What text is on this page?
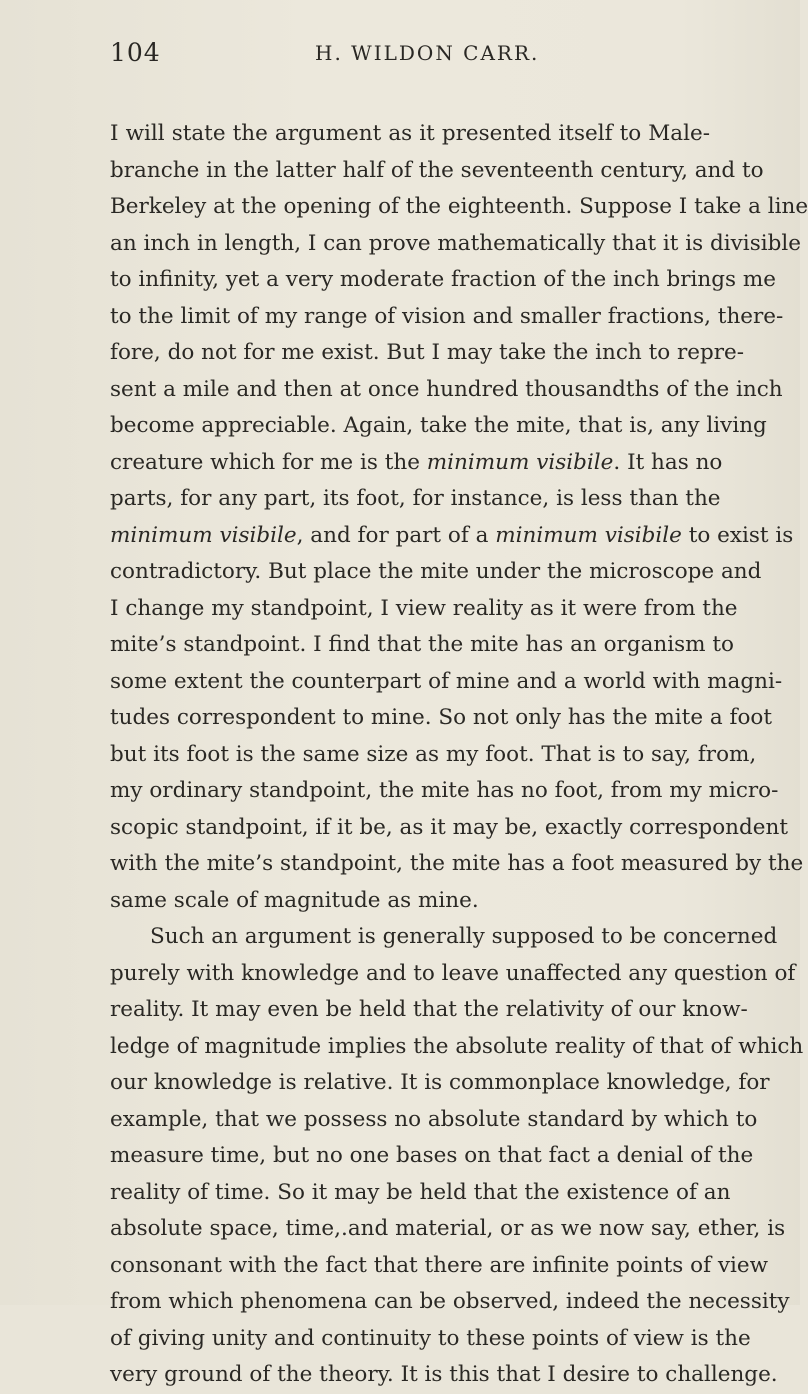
104	H. WILDON CARR.
I will state the argument as it presented itself to Male-
branche in the latter half of the seventeenth century, and to
Berkeley at the opening of the eighteenth. Suppose I take a line
an inch in length, I can prove mathematically that it is divisible
to infinity, yet a very moderate fraction of the inch brings me
to the limit of my range of vision and smaller fractions, there-
fore, do not for me exist. But I may take the inch to repre-
sent a mile and then at once hundred thousandths of the inch
become appreciable. Again, take the mite, that is, any living
creature which for me is the minimum visibile. It has no
parts, for any part, its foot, for instance, is less than the
minimum visibile, and for part of a minimum visibile to exist is
contradictory. But place the mite under the microscope and
I change my standpoint, I view reality as it were from the
mite’s standpoint. I find that the mite has an organism to
some extent the counterpart of mine and a world with magni-
tudes correspondent to mine. So not only has the mite a foot
but its foot is the same size as my foot. That is to say, from,
my ordinary standpoint, the mite has no foot, from my micro-
scopic standpoint, if it be, as it may be, exactly correspondent
with the mite’s standpoint, the mite has a foot measured by the
same scale of magnitude as mine.
Such an argument is generally supposed to be concerned
purely with knowledge and to leave unaffected any question of
reality. It may even be held that the relativity of our know-
ledge of magnitude implies the absolute reality of that of which
our knowledge is relative. It is commonplace knowledge, for
example, that we possess no absolute standard by which to
measure time, but no one bases on that fact a denial of the
reality of time. So it may be held that the existence of an
absolute space, time,.and material, or as we now say, ether, is
consonant with the fact that there are infinite points of view
from which phenomena can be observed, indeed the necessity
of giving unity and continuity to these points of view is the
very ground of the theory. It is this that I desire to challenge.
